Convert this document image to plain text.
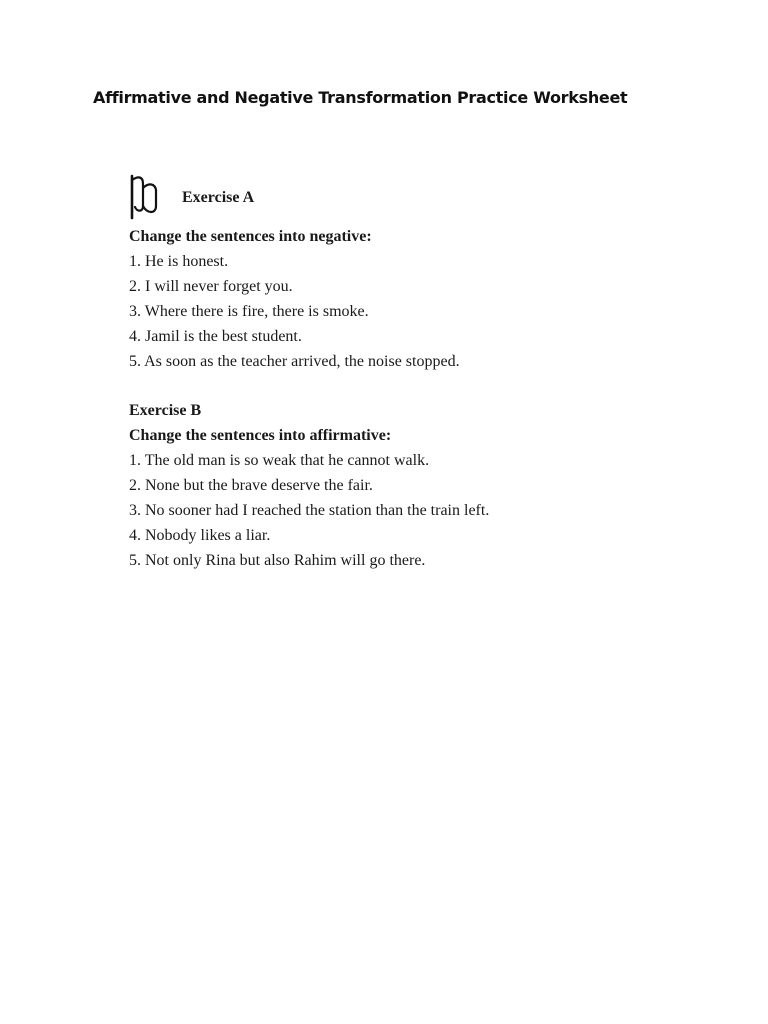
Affirmative and Negative Transformation Practice Worksheet
Exercise A

Change the sentences into negative:

1. He is honest.
2. I will never forget you.
3. Where there is fire, there is smoke.
4. Jamil is the best student.
5. As soon as the teacher arrived, the noise stopped.
Exercise B

Change the sentences into affirmative:

1. The old man is so weak that he cannot walk.
2. None but the brave deserve the fair.
3. No sooner had I reached the station than the train left.
4. Nobody likes a liar.
5. Not only Rina but also Rahim will go there.
